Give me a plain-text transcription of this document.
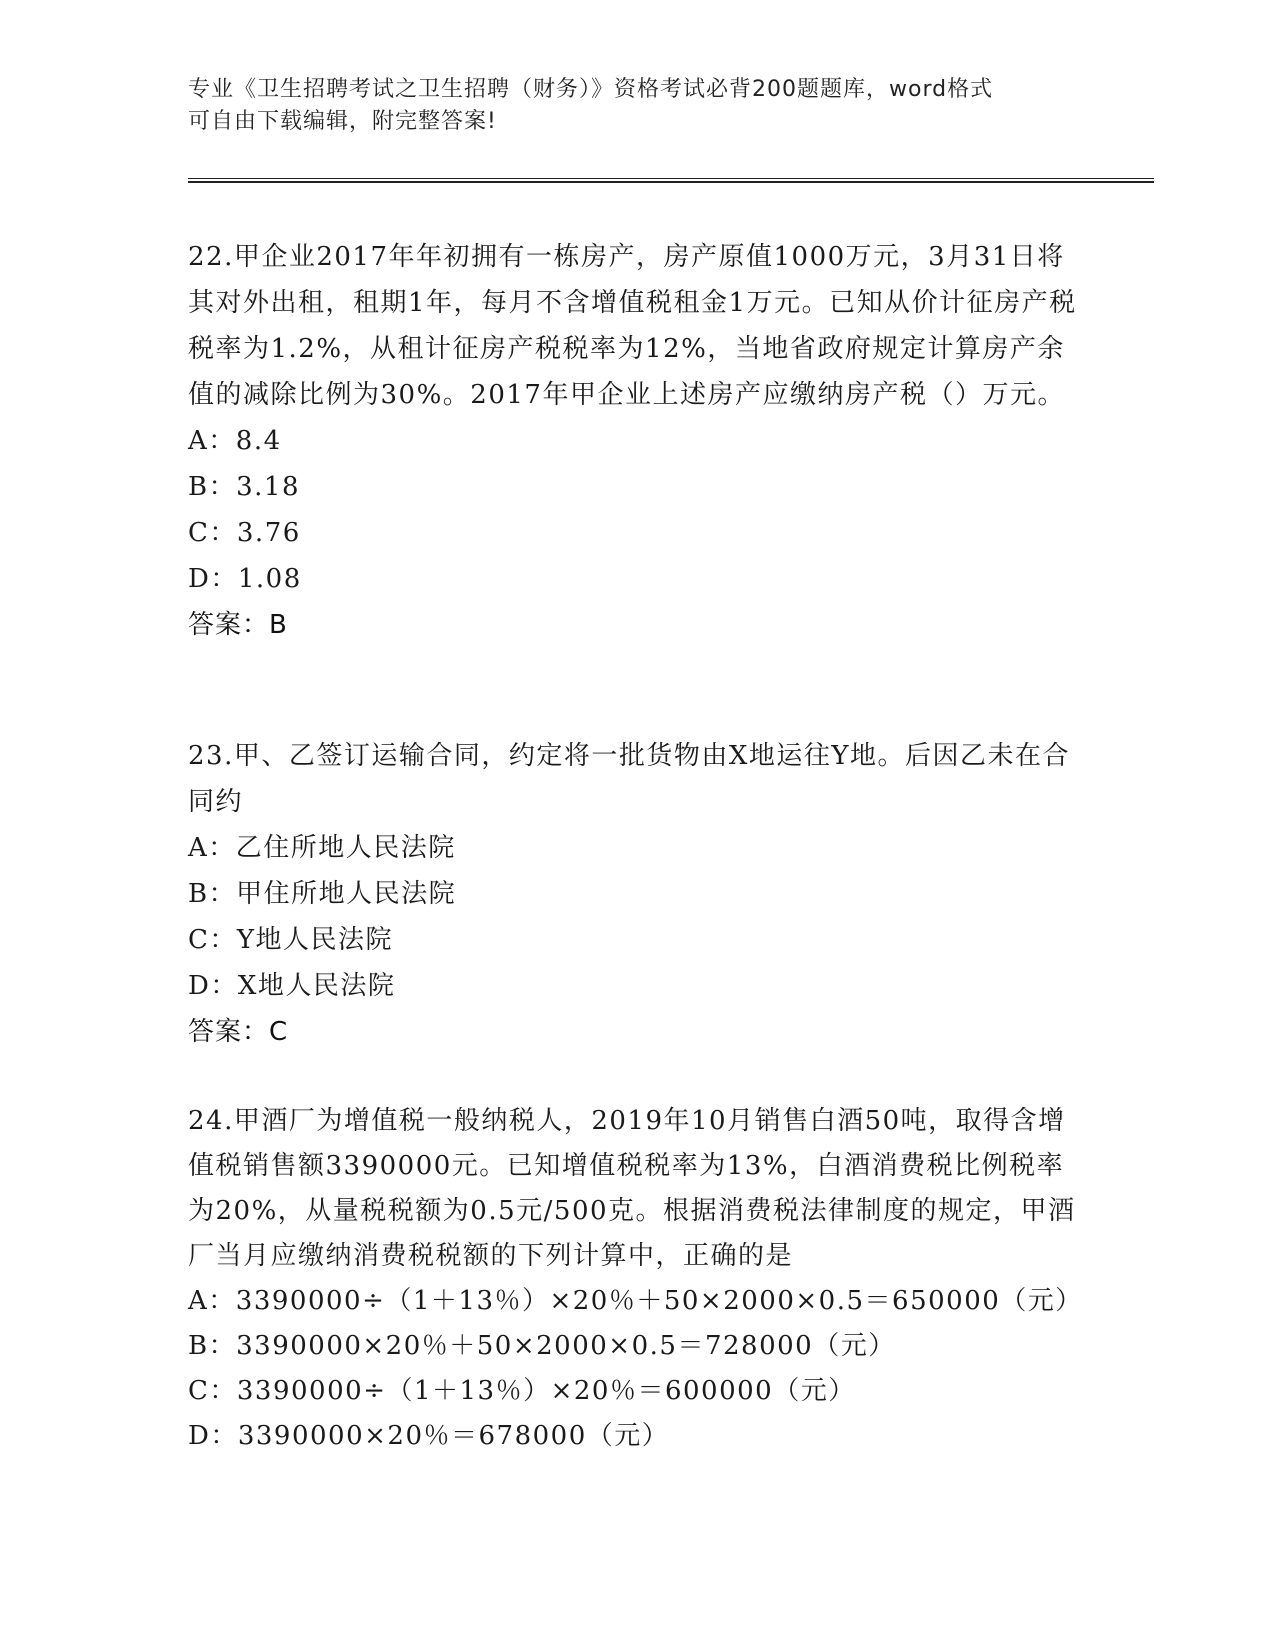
专业《卫生招聘考试之卫生招聘（财务）》资格考试必背200题题库，word格式
可自由下载编辑，附完整答案!

22.甲企业2017年年初拥有一栋房产，房产原值1000万元，3月31日将其对外出租，租期1年，每月不含增值税租金1万元。已知从价计征房产税税率为1.2%，从租计征房产税税率为12%，当地省政府规定计算房产余值的减除比例为30%。2017年甲企业上述房产应缴纳房产税（）万元。

A：8.4

B：3.18

C：3.76

D：1.08

答案：B

23.甲、乙签订运输合同，约定将一批货物由X地运往Y地。后因乙未在合同约

A：乙住所地人民法院

B：甲住所地人民法院

C：Y地人民法院

D：X地人民法院

答案：C

24.甲酒厂为增值税一般纳税人，2019年10月销售白酒50吨，取得含增值税销售额3390000元。已知增值税税率为13%，白酒消费税比例税率为20%，从量税税额为0.5元/500克。根据消费税法律制度的规定，甲酒厂当月应缴纳消费税税额的下列计算中，正确的是

A：3390000÷（1＋13％）×20％＋50×2000×0.5＝650000（元）

B：3390000×20％＋50×2000×0.5＝728000（元）

C：3390000÷（1＋13％）×20％＝600000（元）

D：3390000×20％＝678000（元）
